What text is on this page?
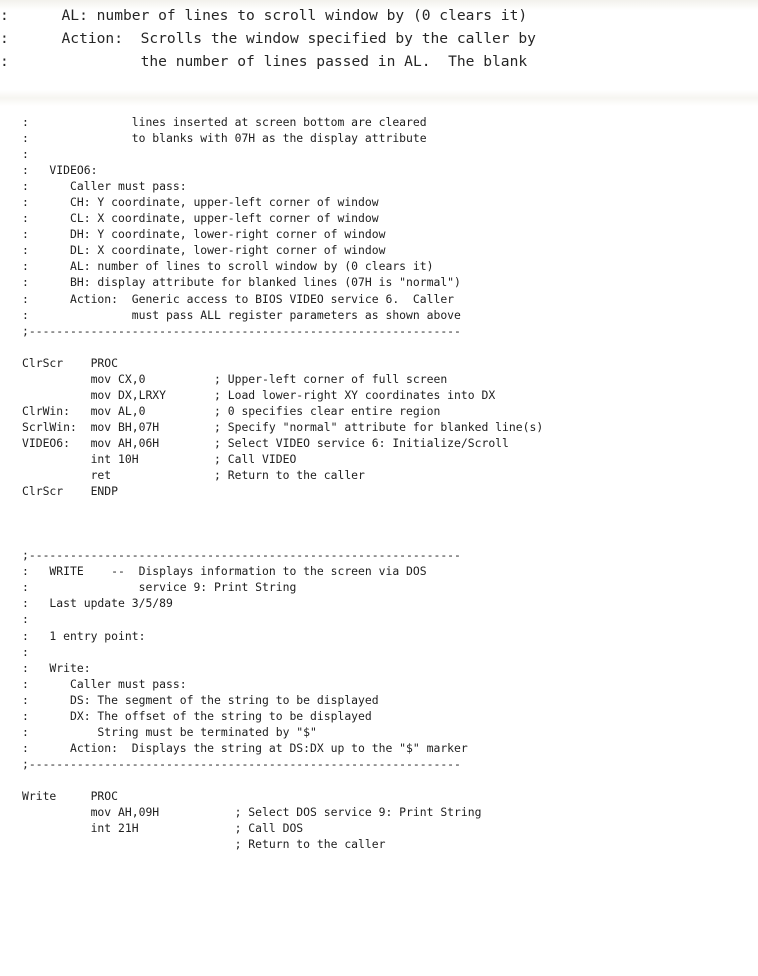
:      AL: number of lines to scroll window by (0 clears it)
:      Action:  Scrolls the window specified by the caller by
:               the number of lines passed in AL.  The blank
:               lines inserted at screen bottom are cleared
:               to blanks with 07H as the display attribute
:
:   VIDEO6:
:      Caller must pass:
:      CH: Y coordinate, upper-left corner of window
:      CL: X coordinate, upper-left corner of window
:      DH: Y coordinate, lower-right corner of window
:      DL: X coordinate, lower-right corner of window
:      AL: number of lines to scroll window by (0 clears it)
:      BH: display attribute for blanked lines (07H is "normal")
:      Action:  Generic access to BIOS VIDEO service 6.  Caller
:               must pass ALL register parameters as shown above
;---------------------------------------------------------------

ClrScr    PROC
mov CX,0          ; Upper-left corner of full screen
mov DX,LRXY       ; Load lower-right XY coordinates into DX
ClrWin:   mov AL,0          ; 0 specifies clear entire region
ScrlWin:  mov BH,07H        ; Specify "normal" attribute for blanked line(s)
VIDEO6:   mov AH,06H        ; Select VIDEO service 6: Initialize/Scroll
int 10H           ; Call VIDEO
ret               ; Return to the caller
ClrScr    ENDP

;---------------------------------------------------------------
:   WRITE    --  Displays information to the screen via DOS
:                service 9: Print String
:   Last update 3/5/89
:
:   1 entry point:
:
:   Write:
:      Caller must pass:
:      DS: The segment of the string to be displayed
:      DX: The offset of the string to be displayed
:          String must be terminated by "$"
:      Action:  Displays the string at DS:DX up to the "$" marker
;---------------------------------------------------------------

Write     PROC
mov AH,09H           ; Select DOS service 9: Print String
int 21H              ; Call DOS
; Return to the caller
